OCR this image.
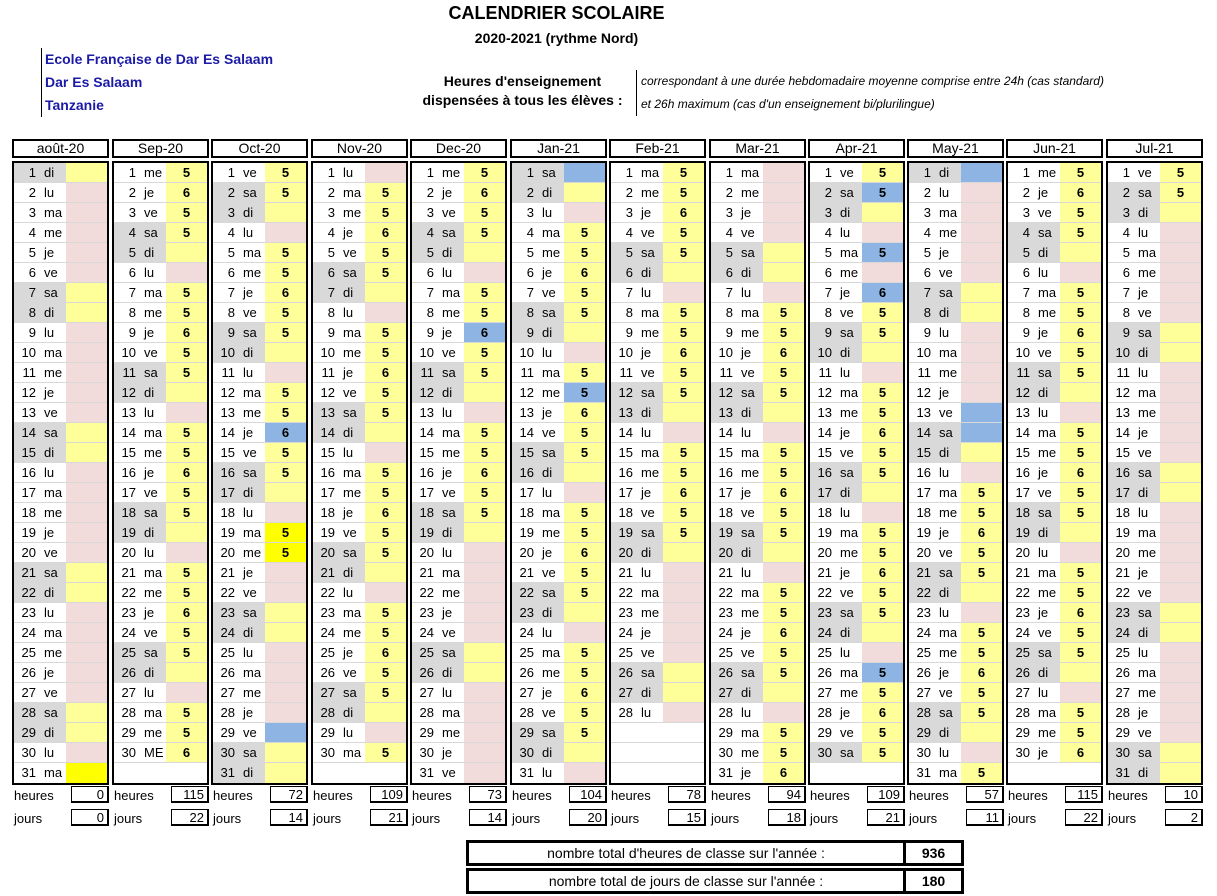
CALENDRIER SCOLAIRE
2020-2021 (rythme Nord)
Ecole Française de Dar Es Salaam
Dar Es Salaam
Tanzanie
Heures d'enseignement
dispensées à tous les élèves :
correspondant à une durée hebdomadaire moyenne comprise entre 24h (cas standard)
et 26h maximum (cas d'un enseignement bi/plurilingue)
août-20
1 di
2 lu
3 ma
4 me
5 je
6 ve
7 sa
8 di
9 lu
10 ma
11 me
12 je
13 ve
14 sa
15 di
16 lu
17 ma
18 me
19 je
20 ve
21 sa
22 di
23 lu
24 ma
25 me
26 je
27 ve
28 sa
29 di
30 lu
31 ma
heures	0
jours	0
Sep-20
1 me	5
2 je	6
3 ve	5
4 sa	5
5 di
6 lu
7 ma	5
8 me	5
9 je	6
10 ve	5
11 sa	5
12 di
13 lu
14 ma	5
15 me	5
16 je	6
17 ve	5
18 sa	5
19 di
20 lu
21 ma	5
22 me	5
23 je	6
24 ve	5
25 sa	5
26 di
27 lu
28 ma	5
29 me	5
30 ME	6
heures	115
jours	22
Oct-20
1 ve	5
2 sa	5
3 di
4 lu
5 ma	5
6 me	5
7 je	6
8 ve	5
9 sa	5
10 di
11 lu
12 ma	5
13 me	5
14 je	6
15 ve	5
16 sa	5
17 di
18 lu
19 ma	5
20 me	5
21 je
22 ve
23 sa
24 di
25 lu
26 ma
27 me
28 je
29 ve
30 sa
31 di
heures	72
jours	14
Nov-20
1 lu
2 ma	5
3 me	5
4 je	6
5 ve	5
6 sa	5
7 di
8 lu
9 ma	5
10 me	5
11 je	6
12 ve	5
13 sa	5
14 di
15 lu
16 ma	5
17 me	5
18 je	6
19 ve	5
20 sa	5
21 di
22 lu
23 ma	5
24 me	5
25 je	6
26 ve	5
27 sa	5
28 di
29 lu
30 ma	5
heures	109
jours	21
Dec-20
1 me	5
2 je	6
3 ve	5
4 sa	5
5 di
6 lu
7 ma	5
8 me	5
9 je	6
10 ve	5
11 sa	5
12 di
13 lu
14 ma	5
15 me	5
16 je	6
17 ve	5
18 sa	5
19 di
20 lu
21 ma
22 me
23 je
24 ve
25 sa
26 di
27 lu
28 ma
29 me
30 je
31 ve
heures	73
jours	14
Jan-21
1 sa
2 di
3 lu
4 ma	5
5 me	5
6 je	6
7 ve	5
8 sa	5
9 di
10 lu
11 ma	5
12 me	5
13 je	6
14 ve	5
15 sa	5
16 di
17 lu
18 ma	5
19 me	5
20 je	6
21 ve	5
22 sa	5
23 di
24 lu
25 ma	5
26 me	5
27 je	6
28 ve	5
29 sa	5
30 di
31 lu
heures	104
jours	20
Feb-21
1 ma	5
2 me	5
3 je	6
4 ve	5
5 sa	5
6 di
7 lu
8 ma	5
9 me	5
10 je	6
11 ve	5
12 sa	5
13 di
14 lu
15 ma	5
16 me	5
17 je	6
18 ve	5
19 sa	5
20 di
21 lu
22 ma
23 me
24 je
25 ve
26 sa
27 di
28 lu
heures	78
jours	15
Mar-21
1 ma
2 me
3 je
4 ve
5 sa
6 di
7 lu
8 ma	5
9 me	5
10 je	6
11 ve	5
12 sa	5
13 di
14 lu
15 ma	5
16 me	5
17 je	6
18 ve	5
19 sa	5
20 di
21 lu
22 ma	5
23 me	5
24 je	6
25 ve	5
26 sa	5
27 di
28 lu
29 ma	5
30 me	5
31 je	6
heures	94
jours	18
Apr-21
1 ve	5
2 sa	5
3 di
4 lu
5 ma	5
6 me
7 je	6
8 ve	5
9 sa	5
10 di
11 lu
12 ma	5
13 me	5
14 je	6
15 ve	5
16 sa	5
17 di
18 lu
19 ma	5
20 me	5
21 je	6
22 ve	5
23 sa	5
24 di
25 lu
26 ma	5
27 me	5
28 je	6
29 ve	5
30 sa	5
heures	109
jours	21
May-21
1 di
2 lu
3 ma
4 me
5 je
6 ve
7 sa
8 di
9 lu
10 ma
11 me
12 je
13 ve
14 sa
15 di
16 lu
17 ma	5
18 me	5
19 je	6
20 ve	5
21 sa	5
22 di
23 lu
24 ma	5
25 me	5
26 je	6
27 ve	5
28 sa	5
29 di
30 lu
31 ma	5
heures	57
jours	11
Jun-21
1 me	5
2 je	6
3 ve	5
4 sa	5
5 di
6 lu
7 ma	5
8 me	5
9 je	6
10 ve	5
11 sa	5
12 di
13 lu
14 ma	5
15 me	5
16 je	6
17 ve	5
18 sa	5
19 di
20 lu
21 ma	5
22 me	5
23 je	6
24 ve	5
25 sa	5
26 di
27 lu
28 ma	5
29 me	5
30 je	6
heures	115
jours	22
Jul-21
1 ve	5
2 sa	5
3 di
4 lu
5 ma
6 me
7 je
8 ve
9 sa
10 di
11 lu
12 ma
13 me
14 je
15 ve
16 sa
17 di
18 lu
19 ma
20 me
21 je
22 ve
23 sa
24 di
25 lu
26 ma
27 me
28 je
29 ve
30 sa
31 di
heures	10
jours	2
nombre total d'heures de classe sur l'année :	936
nombre total de jours de classe sur l'année :	180
